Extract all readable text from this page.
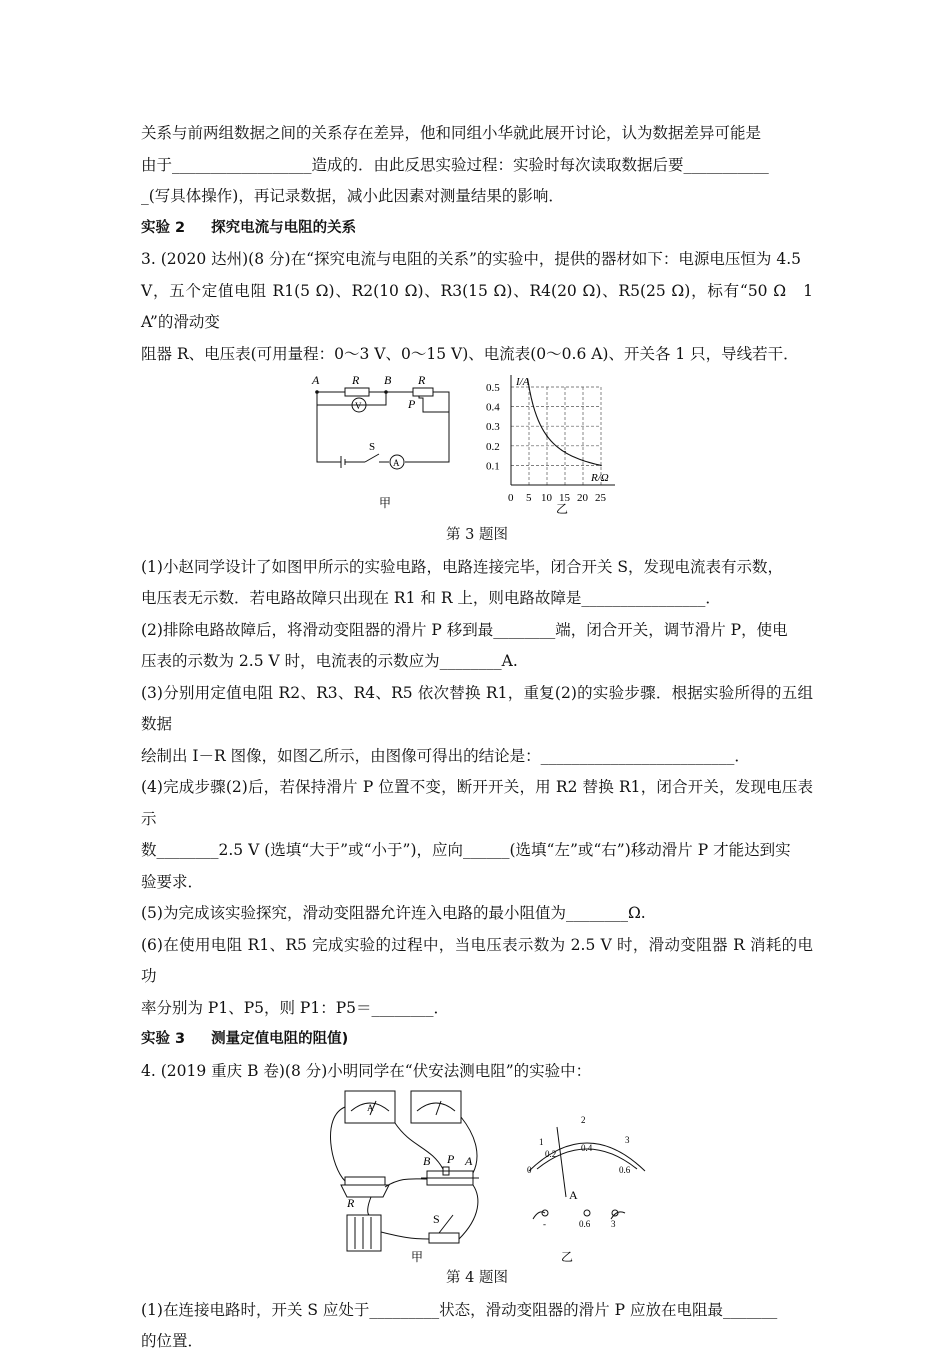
关系与前两组数据之间的关系存在差异，他和同组小华就此展开讨论，认为数据差异可能是

由于__________________造成的．由此反思实验过程：实验时每次读取数据后要___________

_(写具体操作)，再记录数据，减小此因素对测量结果的影响．

实验 2 探究电流与电阻的关系

3. (2020 达州)(8 分)在“探究电流与电阻的关系”的实验中，提供的器材如下：电源电压恒为 4.5

V，五个定值电阻 R1(5 Ω)、R2(10 Ω)、R3(15 Ω)、R4(20 Ω)、R5(25 Ω)，标有“50 Ω　1 A”的滑动变

阻器 R、电压表(可用量程：0～3 V、0～15 V)、电流表(0～0.6 A)、开关各 1 只，导线若干．

A	R B R
P
S
V
A
甲	0 5 10 15 20 25
0.1
0.2
0.3
0.4
0.5
R/Ω
I/A
乙

第 3 题图

(1)小赵同学设计了如图甲所示的实验电路，电路连接完毕，闭合开关 S，发现电流表有示数，

电压表无示数．若电路故障只出现在 R1 和 R 上，则电路故障是________________．

(2)排除电路故障后，将滑动变阻器的滑片 P 移到最________端，闭合开关，调节滑片 P，使电

压表的示数为 2.5 V 时，电流表的示数应为________A.

(3)分别用定值电阻 R2、R3、R4、R5 依次替换 R1，重复(2)的实验步骤．根据实验所得的五组数据

绘制出 I－R 图像，如图乙所示，由图像可得出的结论是：_________________________．

(4)完成步骤(2)后，若保持滑片 P 位置不变，断开开关，用 R2 替换 R1，闭合开关，发现电压表示

数________2.5 V (选填“大于”或“小于”)，应向______(选填“左”或“右”)移动滑片 P 才能达到实

验要求．

(5)为完成该实验探究，滑动变阻器允许连入电路的最小阻值为________Ω.

(6)在使用电阻 R1、R5 完成实验的过程中，当电压表示数为 2.5 V 时，滑动变阻器 R 消耗的电功

率分别为 P1、P5，则 P1：P5＝________．

实验 3 测量定值电阻的阻值)

4. (2019 重庆 B 卷)(8 分)小明同学在“伏安法测电阻”的实验中：

A
B P A
R
S
0
0.2
0.4
0.6
1
2
3
A
-	0.6 3
甲	乙

第 4 题图

(1)在连接电路时，开关 S 应处于_________状态，滑动变阻器的滑片 P 应放在电阻最_______

的位置．
